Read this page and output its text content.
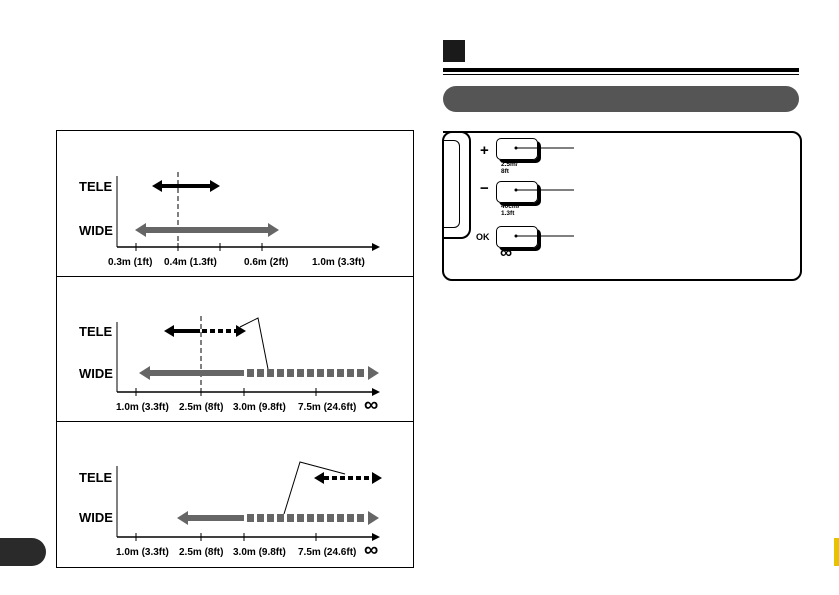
+
2.5m/
8ft
−
40cm/
1.3ft
OK
∞
TELE
WIDE
0.3m (1ft) 0.4m (1.3ft)	0.6m (2ft) 1.0m (3.3ft)
TELE
WIDE
1.0m (3.3ft) 2.5m (8ft) 3.0m (9.8ft) 7.5m (24.6ft) ∞
TELE
WIDE
1.0m (3.3ft) 2.5m (8ft) 3.0m (9.8ft) 7.5m (24.6ft) ∞
